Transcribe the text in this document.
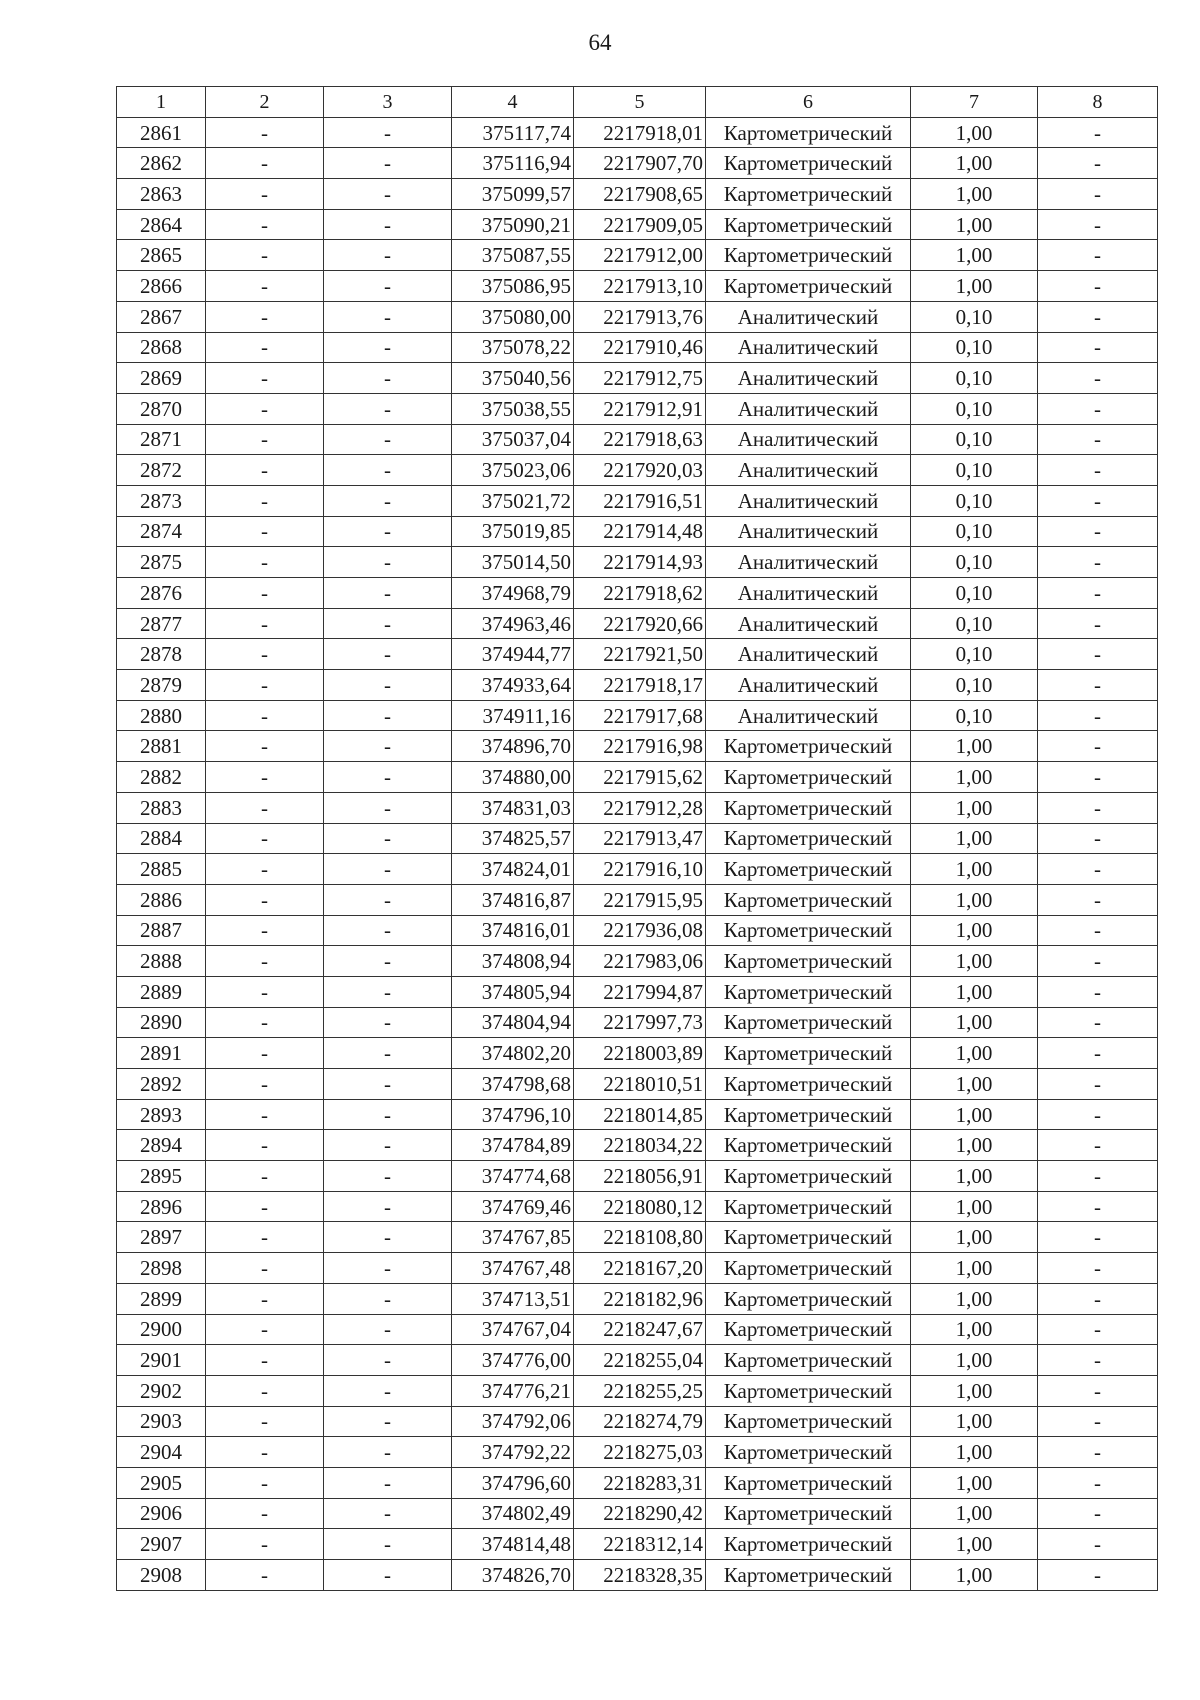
64
1	2	3	4	5	6	7	8
2861	-	-	375117,74	2217918,01	Картометрический	1,00	-
2862	-	-	375116,94	2217907,70	Картометрический	1,00	-
2863	-	-	375099,57	2217908,65	Картометрический	1,00	-
2864	-	-	375090,21	2217909,05	Картометрический	1,00	-
2865	-	-	375087,55	2217912,00	Картометрический	1,00	-
2866	-	-	375086,95	2217913,10	Картометрический	1,00	-
2867	-	-	375080,00	2217913,76	Аналитический	0,10	-
2868	-	-	375078,22	2217910,46	Аналитический	0,10	-
2869	-	-	375040,56	2217912,75	Аналитический	0,10	-
2870	-	-	375038,55	2217912,91	Аналитический	0,10	-
2871	-	-	375037,04	2217918,63	Аналитический	0,10	-
2872	-	-	375023,06	2217920,03	Аналитический	0,10	-
2873	-	-	375021,72	2217916,51	Аналитический	0,10	-
2874	-	-	375019,85	2217914,48	Аналитический	0,10	-
2875	-	-	375014,50	2217914,93	Аналитический	0,10	-
2876	-	-	374968,79	2217918,62	Аналитический	0,10	-
2877	-	-	374963,46	2217920,66	Аналитический	0,10	-
2878	-	-	374944,77	2217921,50	Аналитический	0,10	-
2879	-	-	374933,64	2217918,17	Аналитический	0,10	-
2880	-	-	374911,16	2217917,68	Аналитический	0,10	-
2881	-	-	374896,70	2217916,98	Картометрический	1,00	-
2882	-	-	374880,00	2217915,62	Картометрический	1,00	-
2883	-	-	374831,03	2217912,28	Картометрический	1,00	-
2884	-	-	374825,57	2217913,47	Картометрический	1,00	-
2885	-	-	374824,01	2217916,10	Картометрический	1,00	-
2886	-	-	374816,87	2217915,95	Картометрический	1,00	-
2887	-	-	374816,01	2217936,08	Картометрический	1,00	-
2888	-	-	374808,94	2217983,06	Картометрический	1,00	-
2889	-	-	374805,94	2217994,87	Картометрический	1,00	-
2890	-	-	374804,94	2217997,73	Картометрический	1,00	-
2891	-	-	374802,20	2218003,89	Картометрический	1,00	-
2892	-	-	374798,68	2218010,51	Картометрический	1,00	-
2893	-	-	374796,10	2218014,85	Картометрический	1,00	-
2894	-	-	374784,89	2218034,22	Картометрический	1,00	-
2895	-	-	374774,68	2218056,91	Картометрический	1,00	-
2896	-	-	374769,46	2218080,12	Картометрический	1,00	-
2897	-	-	374767,85	2218108,80	Картометрический	1,00	-
2898	-	-	374767,48	2218167,20	Картометрический	1,00	-
2899	-	-	374713,51	2218182,96	Картометрический	1,00	-
2900	-	-	374767,04	2218247,67	Картометрический	1,00	-
2901	-	-	374776,00	2218255,04	Картометрический	1,00	-
2902	-	-	374776,21	2218255,25	Картометрический	1,00	-
2903	-	-	374792,06	2218274,79	Картометрический	1,00	-
2904	-	-	374792,22	2218275,03	Картометрический	1,00	-
2905	-	-	374796,60	2218283,31	Картометрический	1,00	-
2906	-	-	374802,49	2218290,42	Картометрический	1,00	-
2907	-	-	374814,48	2218312,14	Картометрический	1,00	-
2908	-	-	374826,70	2218328,35	Картометрический	1,00	-
